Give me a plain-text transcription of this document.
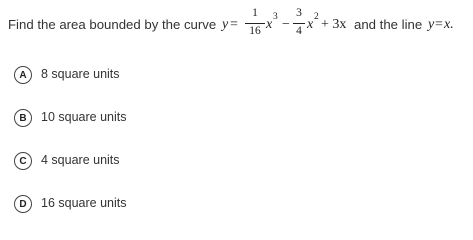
Find the area bounded by the curve y =
1
16 x 3 −
3
4 x 2 + 3x and the line y = x.
A	8 square units
B	10 square units
C	4 square units
D	16 square units
